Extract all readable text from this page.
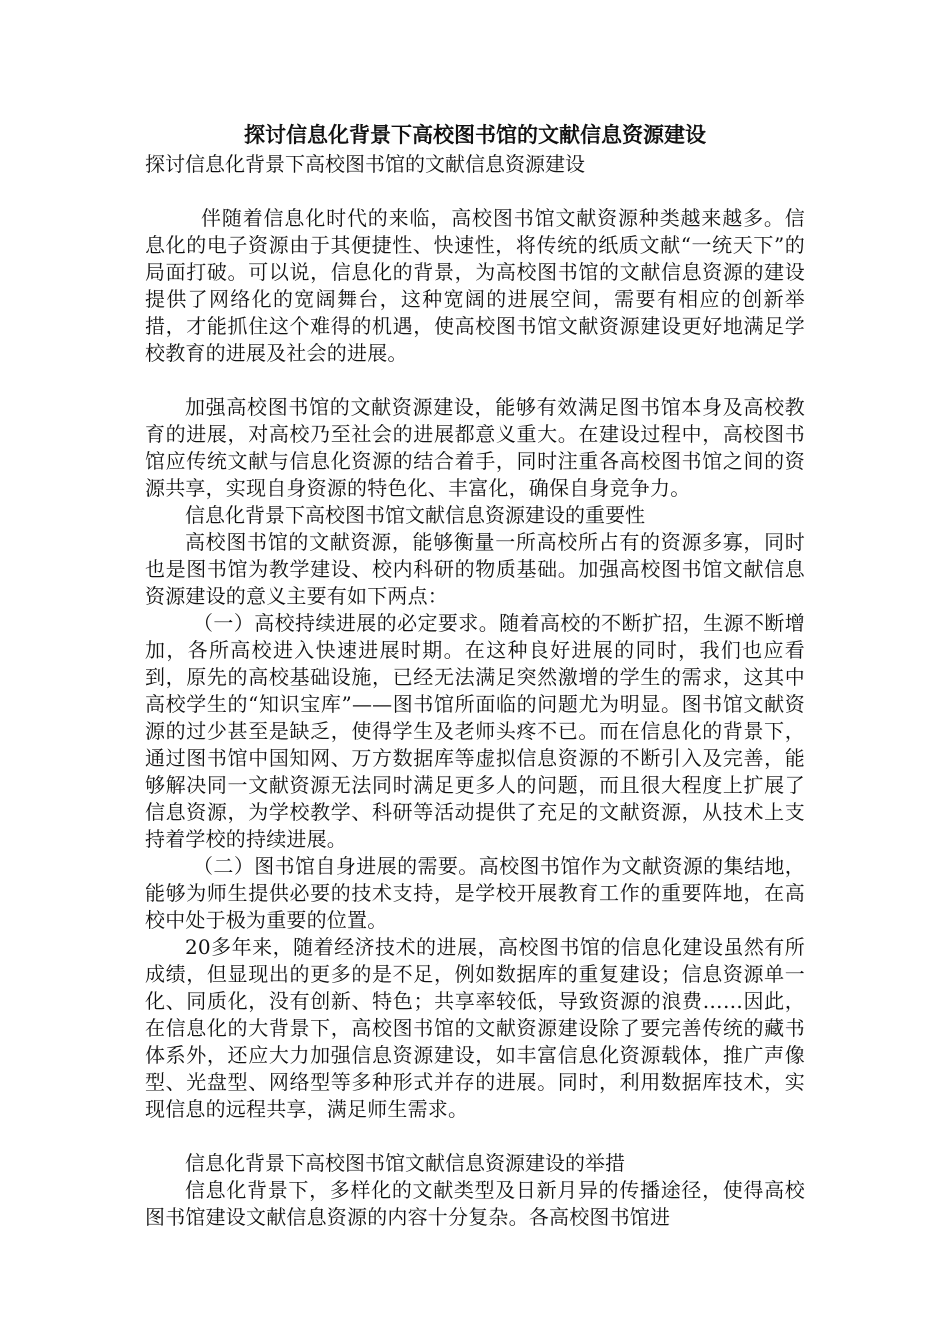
探讨信息化背景下高校图书馆的文献信息资源建设

探讨信息化背景下高校图书馆的文献信息资源建设

伴随着信息化时代的来临，高校图书馆文献资源种类越来越多。信息化的电子资源由于其便捷性、快速性，将传统的纸质文献“一统天下”的局面打破。可以说，信息化的背景，为高校图书馆的文献信息资源的建设提供了网络化的宽阔舞台，这种宽阔的进展空间，需要有相应的创新举措，才能抓住这个难得的机遇，使高校图书馆文献资源建设更好地满足学校教育的进展及社会的进展。

加强高校图书馆的文献资源建设，能够有效满足图书馆本身及高校教育的进展，对高校乃至社会的进展都意义重大。在建设过程中，高校图书馆应传统文献与信息化资源的结合着手，同时注重各高校图书馆之间的资源共享，实现自身资源的特色化、丰富化，确保自身竞争力。

信息化背景下高校图书馆文献信息资源建设的重要性

高校图书馆的文献资源，能够衡量一所高校所占有的资源多寡，同时也是图书馆为教学建设、校内科研的物质基础。加强高校图书馆文献信息资源建设的意义主要有如下两点：

（一）高校持续进展的必定要求。随着高校的不断扩招，生源不断增加，各所高校进入快速进展时期。在这种良好进展的同时，我们也应看到，原先的高校基础设施，已经无法满足突然激增的学生的需求，这其中高校学生的“知识宝库”——图书馆所面临的问题尤为明显。图书馆文献资源的过少甚至是缺乏，使得学生及老师头疼不已。而在信息化的背景下，通过图书馆中国知网、万方数据库等虚拟信息资源的不断引入及完善，能够解决同一文献资源无法同时满足更多人的问题，而且很大程度上扩展了信息资源，为学校教学、科研等活动提供了充足的文献资源，从技术上支持着学校的持续进展。

（二）图书馆自身进展的需要。高校图书馆作为文献资源的集结地，能够为师生提供必要的技术支持，是学校开展教育工作的重要阵地，在高校中处于极为重要的位置。

20多年来，随着经济技术的进展，高校图书馆的信息化建设虽然有所成绩，但显现出的更多的是不足，例如数据库的重复建设；信息资源单一化、同质化，没有创新、特色；共享率较低，导致资源的浪费……因此，在信息化的大背景下，高校图书馆的文献资源建设除了要完善传统的藏书体系外，还应大力加强信息资源建设，如丰富信息化资源载体，推广声像型、光盘型、网络型等多种形式并存的进展。同时，利用数据库技术，实现信息的远程共享，满足师生需求。

信息化背景下高校图书馆文献信息资源建设的举措

信息化背景下，多样化的文献类型及日新月异的传播途径，使得高校图书馆建设文献信息资源的内容十分复杂。各高校图书馆进
